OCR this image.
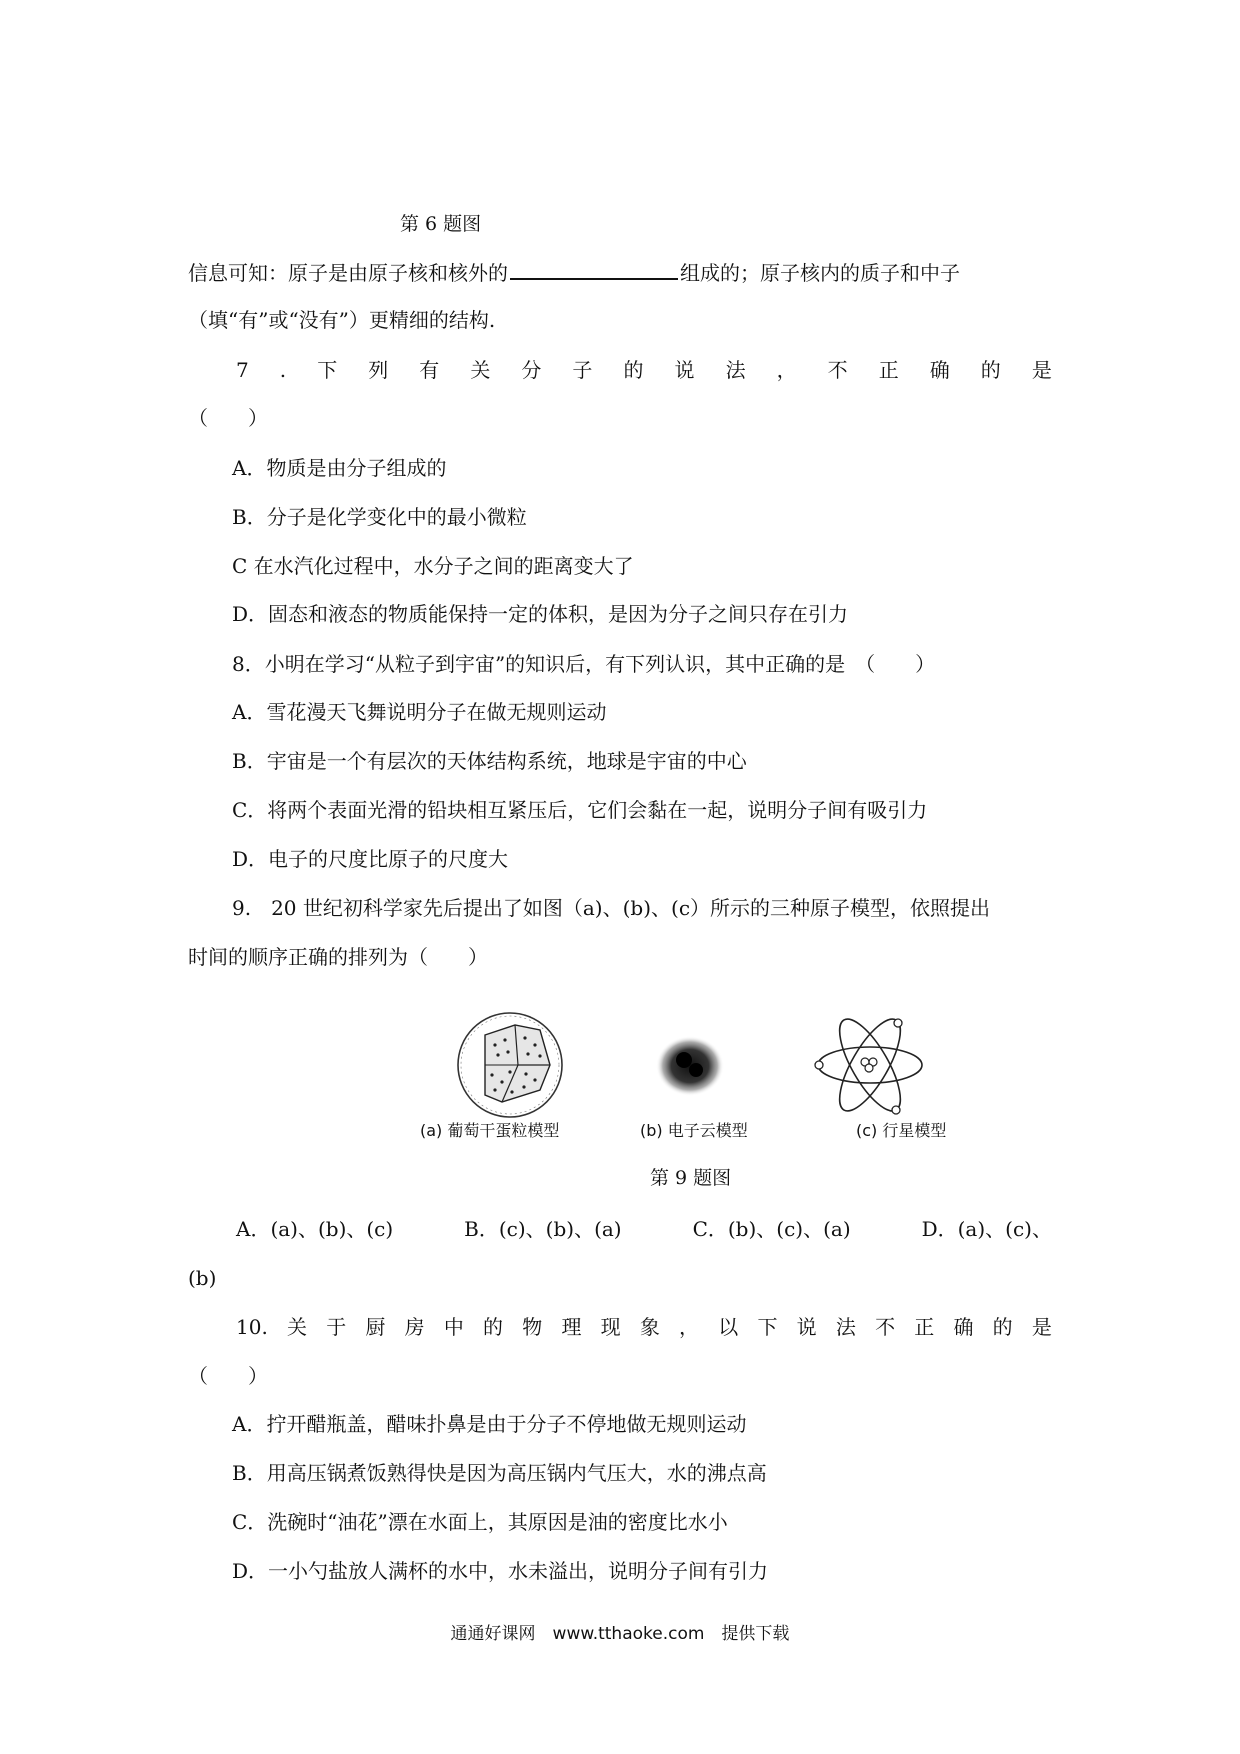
第 6 题图
信息可知：原子是由原子核和核外的	组成的；原子核内的质子和中子
（填“有”或“没有”）更精细的结构.
7 . 下 列 有 关 分 子 的 说 法 ， 不 正 确 的 是
（　　）
A．物质是由分子组成的
B．分子是化学变化中的最小微粒
C 在水汽化过程中，水分子之间的距离变大了
D．固态和液态的物质能保持一定的体积，是因为分子之间只存在引力
8．小明在学习“从粒子到宇宙”的知识后，有下列认识，其中正确的是　（　　）
A．雪花漫天飞舞说明分子在做无规则运动
B．宇宙是一个有层次的天体结构系统，地球是宇宙的中心
C．将两个表面光滑的铅块相互紧压后，它们会黏在一起，说明分子间有吸引力
D．电子的尺度比原子的尺度大
9.　20 世纪初科学家先后提出了如图（a)、(b)、(c）所示的三种原子模型，依照提出
时间的顺序正确的排列为（　　）
(a) 葡萄干蛋粒模型	(b) 电子云模型	(c) 行星模型
第 9 题图
A．(a)、(b)、(c)	B．(c)、(b)、(a)	C．(b)、(c)、(a)	D．(a)、(c)、
(b)
10. 关 于 厨 房 中 的 物 理 现 象 ， 以 下 说 法 不 正 确 的 是
（　　）
A．拧开醋瓶盖，醋味扑鼻是由于分子不停地做无规则运动
B．用高压锅煮饭熟得快是因为高压锅内气压大，水的沸点高
C．洗碗时“油花”漂在水面上，其原因是油的密度比水小
D．一小勺盐放人满杯的水中，水未溢出，说明分子间有引力
通通好课网　www.tthaoke.com　提供下载
